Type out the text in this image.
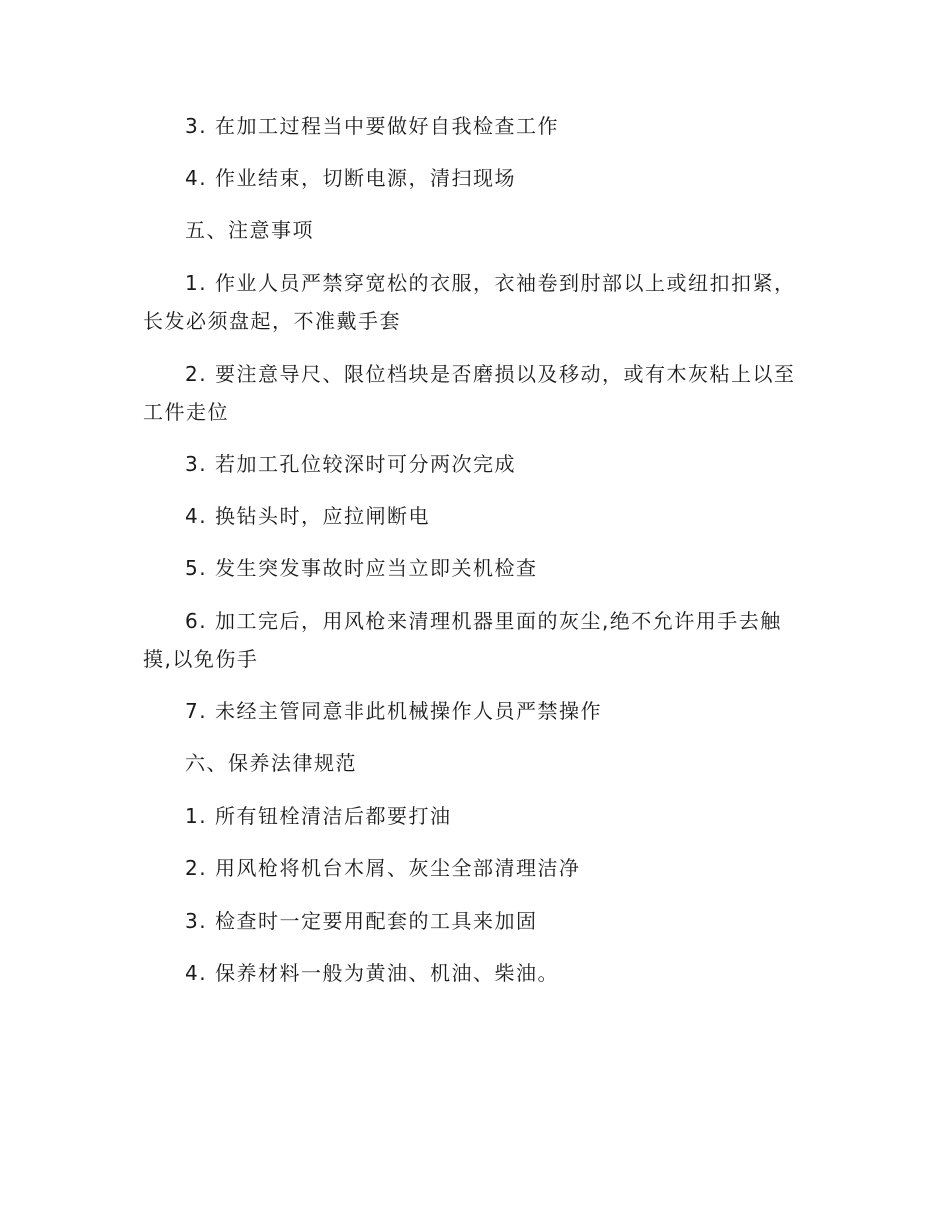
3. 在加工过程当中要做好自我检查工作

4. 作业结束，切断电源，清扫现场

五、注意事项

1. 作业人员严禁穿宽松的衣服，衣袖卷到肘部以上或纽扣扣紧，长发必须盘起，不准戴手套

2. 要注意导尺、限位档块是否磨损以及移动，或有木灰粘上以至工件走位

3. 若加工孔位较深时可分两次完成

4. 换钻头时，应拉闸断电

5. 发生突发事故时应当立即关机检查

6. 加工完后，用风枪来清理机器里面的灰尘,绝不允许用手去触摸,以免伤手

7. 未经主管同意非此机械操作人员严禁操作

六、保养法律规范

1. 所有钮栓清洁后都要打油

2. 用风枪将机台木屑、灰尘全部清理洁净

3. 检查时一定要用配套的工具来加固

4. 保养材料一般为黄油、机油、柴油。
